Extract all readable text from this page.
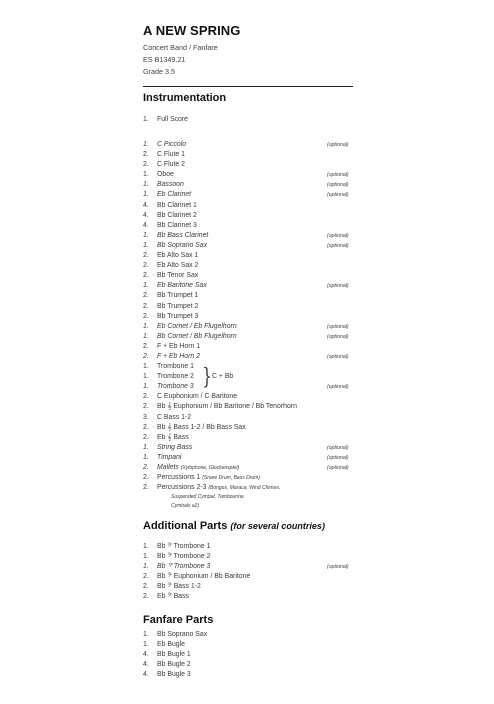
A NEW SPRING
Concert Band / Fanfare
ES B1349.21
Grade 3.5
Instrumentation
1.	Full Score
1.	C Piccolo	(optional)
2.	C Flute 1
2.	C Flute 2
1.	Oboe	(optional)
1.	Bassoon	(optional)
1.	Eb Clarinet	(optional)
4.	Bb Clarinet 1
4.	Bb Clarinet 2
4.	Bb Clarinet 3
1.	Bb Bass Clarinet	(optional)
1.	Bb Soprano Sax	(optional)
2.	Eb Alto Sax 1
2.	Eb Alto Sax 2
2.	Bb Tenor Sax
1.	Eb Baritone Sax	(optional)
2.	Bb Trumpet 1
2.	Bb Trumpet 2
2.	Bb Trumpet 3
1.	Eb Cornet / Eb Flugelhorn	(optional)
1.	Bb Cornet / Bb Flugelhorn	(optional)
2.	F + Eb Horn 1
2.	F + Eb Horn 2	(optional)
1.	Trombone 1
1.	Trombone 2
1.	Trombone 3	(optional)
2.	C Euphonium / C Baritone
2.	Bb 𝄞 Euphonium / Bb Baritone / Bb Tenorhorn
3.	C Bass 1-2
2.	Bb 𝄞 Bass 1-2 / Bb Bass Sax
2.	Eb 𝄞 Bass
1.	String Bass	(optional)
1.	Timpani	(optional)
2.	Mallets (Xylophone, Glockenspiel)	(optional)
2.	Percussions 1 (Snare Drum, Bass Drum)
2.	Percussions 2-3 (Bongos, Maraca, Wind Chimes,
Suspended Cymbal, Tambourine,
Cymbals a2)
} C + Bb
Additional Parts (for several countries)
1.	Bb 𝄢 Trombone 1
1.	Bb 𝄢 Trombone 2
1.	Bb 𝄢 Trombone 3	(optional)
2.	Bb 𝄢 Euphonium / Bb Baritone
2.	Bb 𝄢 Bass 1-2
2.	Eb 𝄢 Bass
Fanfare Parts
1.	Bb Soprano Sax
1.	Eb Bugle
4.	Bb Bugle 1
4.	Bb Bugle 2
4.	Bb Bugle 3
